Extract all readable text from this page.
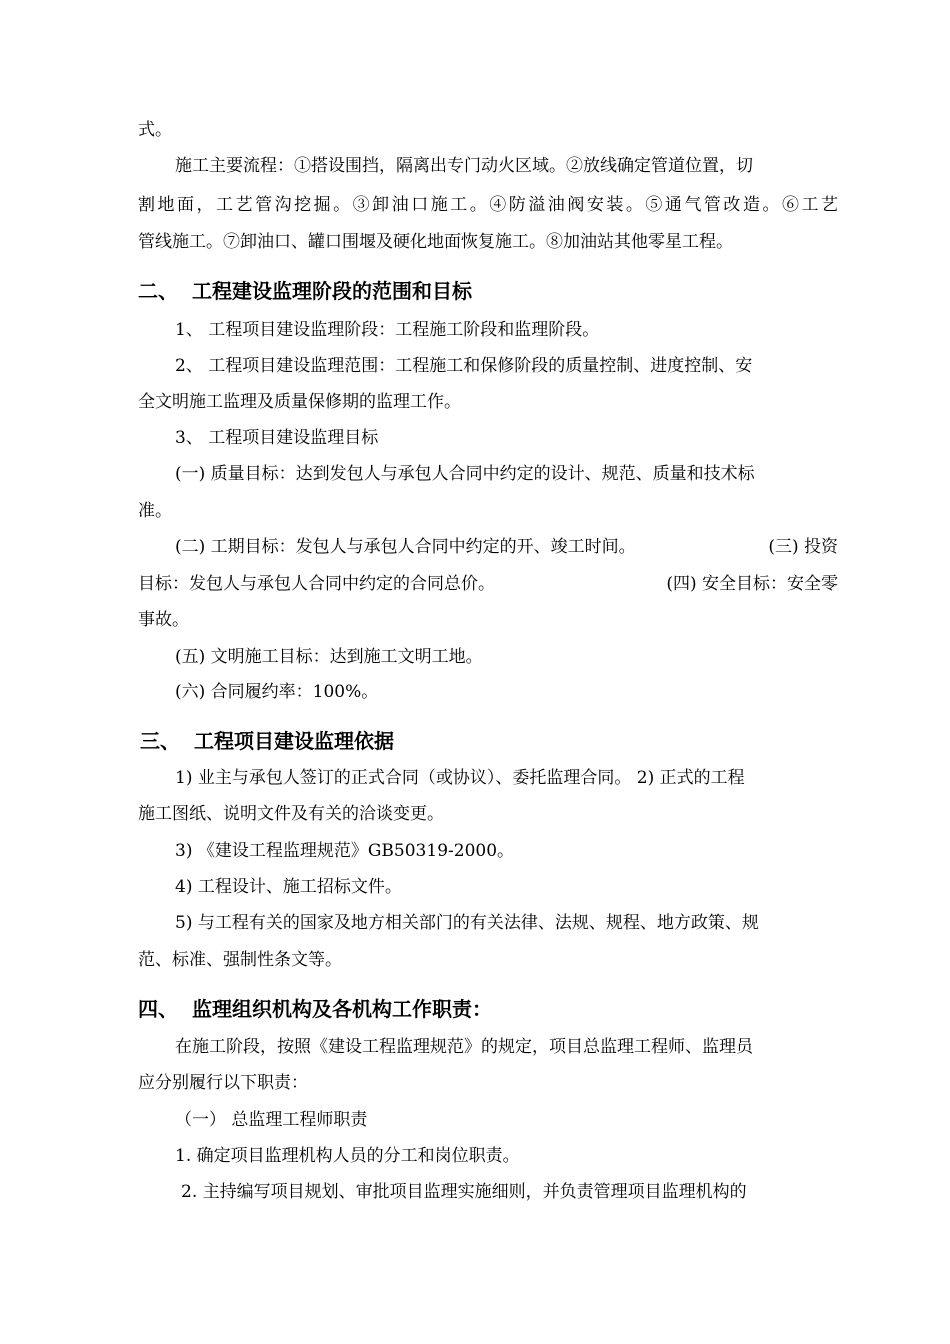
式。
施工主要流程：①搭设围挡，隔离出专门动火区域。②放线确定管道位置，切
割地面，工艺管沟挖掘。③卸油口施工。④防溢油阀安装。⑤通气管改造。⑥工艺
管线施工。⑦卸油口、罐口围堰及硬化地面恢复施工。⑧加油站其他零星工程。
二、 工程建设监理阶段的范围和目标
1、 工程项目建设监理阶段：工程施工阶段和监理阶段。
2、 工程项目建设监理范围：工程施工和保修阶段的质量控制、进度控制、安
全文明施工监理及质量保修期的监理工作。
3、 工程项目建设监理目标
(一) 质量目标：达到发包人与承包人合同中约定的设计、规范、质量和技术标
准。
(二) 工期目标：发包人与承包人合同中约定的开、竣工时间。	(三) 投资
目标：发包人与承包人合同中约定的合同总价。	(四) 安全目标：安全零
事故。
(五) 文明施工目标：达到施工文明工地。
(六) 合同履约率：100%。
三、 工程项目建设监理依据
1) 业主与承包人签订的正式合同（或协议）、委托监理合同。 2) 正式的工程
施工图纸、说明文件及有关的洽谈变更。
3) 《建设工程监理规范》GB50319-2000。
4) 工程设计、施工招标文件。
5) 与工程有关的国家及地方相关部门的有关法律、法规、规程、地方政策、规
范、标准、强制性条文等。
四、 监理组织机构及各机构工作职责：
在施工阶段，按照《建设工程监理规范》的规定，项目总监理工程师、监理员
应分别履行以下职责：
（一） 总监理工程师职责
1. 确定项目监理机构人员的分工和岗位职责。
2. 主持编写项目规划、审批项目监理实施细则，并负责管理项目监理机构的
